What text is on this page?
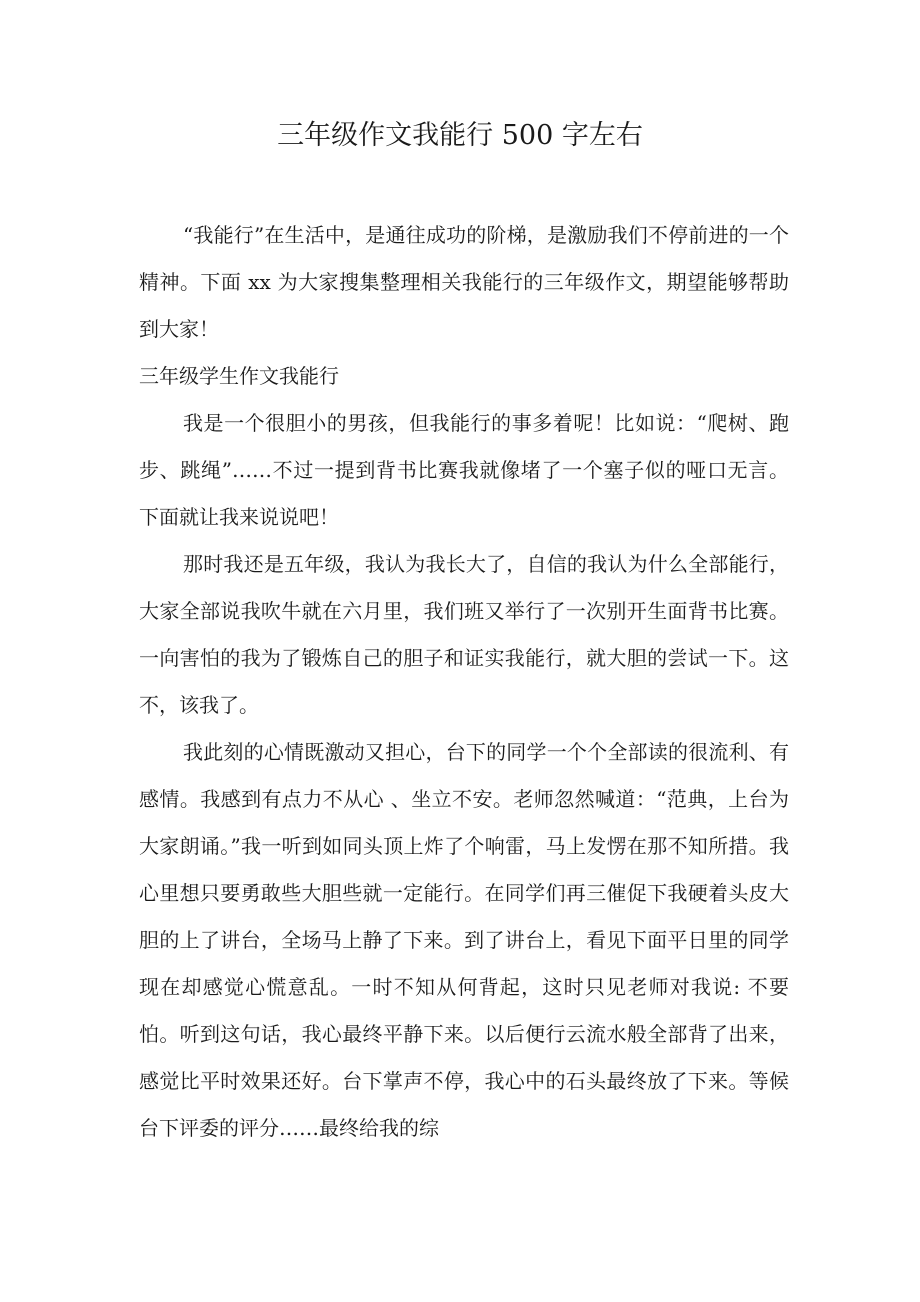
三年级作文我能行 500 字左右

“我能行”在生活中，是通往成功的阶梯，是激励我们不停前进的一个精神。下面 xx 为大家搜集整理相关我能行的三年级作文，期望能够帮助到大家！

三年级学生作文我能行

我是一个很胆小的男孩，但我能行的事多着呢！比如说：“爬树、跑步、跳绳”……不过一提到背书比赛我就像堵了一个塞子似的哑口无言。下面就让我来说说吧！

那时我还是五年级，我认为我长大了，自信的我认为什么全部能行，大家全部说我吹牛就在六月里，我们班又举行了一次别开生面背书比赛。一向害怕的我为了锻炼自己的胆子和证实我能行，就大胆的尝试一下。这不，该我了。

我此刻的心情既激动又担心，台下的同学一个个全部读的很流利、有感情。我感到有点力不从心 、坐立不安。老师忽然喊道：“范典，上台为大家朗诵。”我一听到如同头顶上炸了个响雷，马上发愣在那不知所措。我心里想只要勇敢些大胆些就一定能行。在同学们再三催促下我硬着头皮大胆的上了讲台，全场马上静了下来。到了讲台上，看见下面平日里的同学现在却感觉心慌意乱。一时不知从何背起，这时只见老师对我说: 不要怕。听到这句话，我心最终平静下来。以后便行云流水般全部背了出来，感觉比平时效果还好。台下掌声不停，我心中的石头最终放了下来。等候台下评委的评分……最终给我的综
